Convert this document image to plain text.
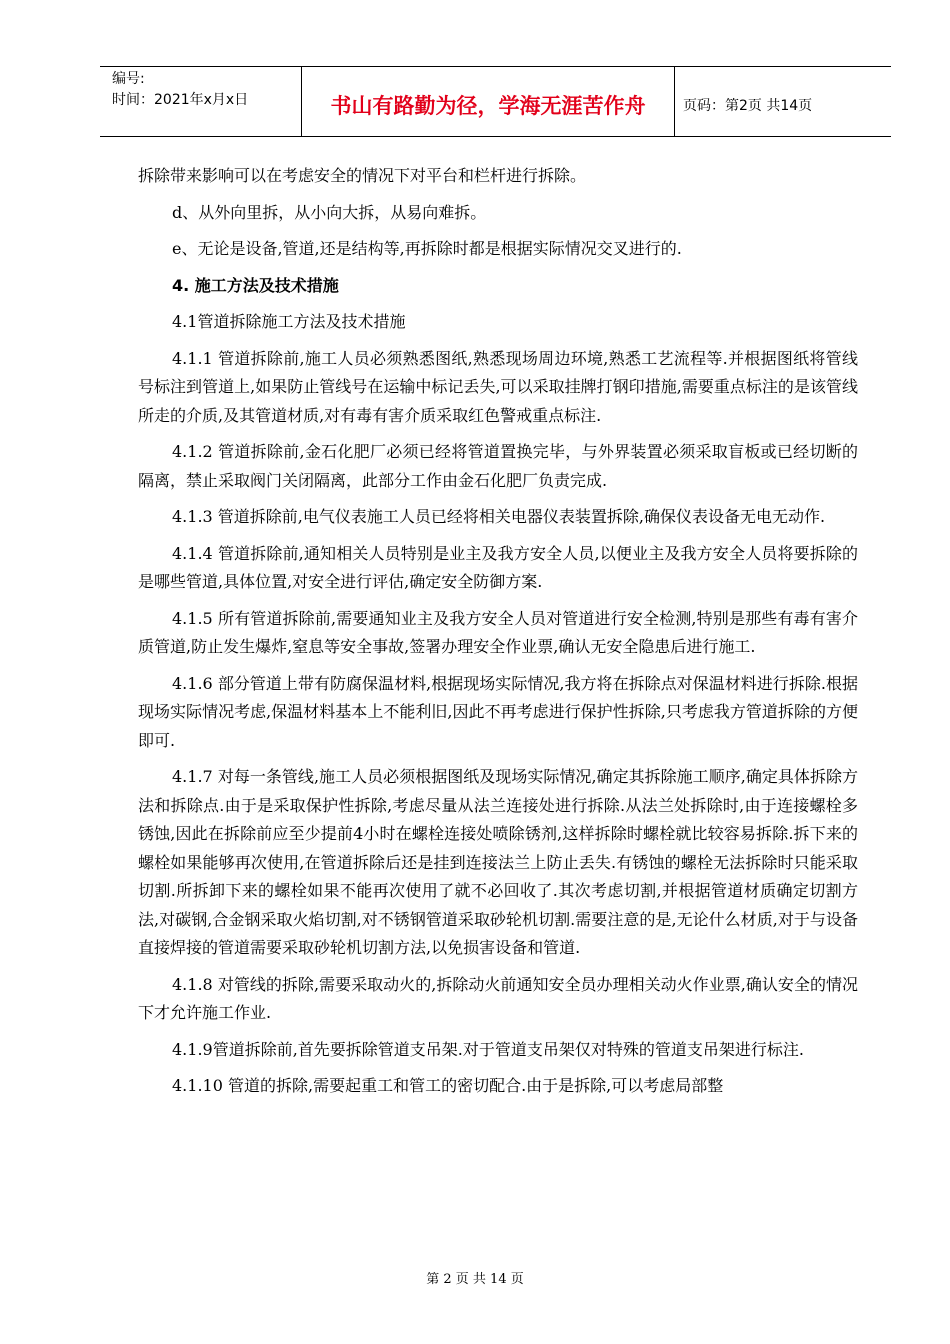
编号:
时间：2021年x月x日	书山有路勤为径，学海无涯苦作舟	页码：第2页 共14页

拆除带来影响可以在考虑安全的情况下对平台和栏杆进行拆除。

d、从外向里拆，从小向大拆，从易向难拆。

e、无论是设备,管道,还是结构等,再拆除时都是根据实际情况交叉进行的.

4. 施工方法及技术措施

4.1管道拆除施工方法及技术措施

4.1.1 管道拆除前,施工人员必须熟悉图纸,熟悉现场周边环境,熟悉工艺流程等.并根据图纸将管线号标注到管道上,如果防止管线号在运输中标记丢失,可以采取挂牌打钢印措施,需要重点标注的是该管线所走的介质,及其管道材质,对有毒有害介质采取红色警戒重点标注.

4.1.2 管道拆除前,金石化肥厂必须已经将管道置换完毕，与外界装置必须采取盲板或已经切断的隔离，禁止采取阀门关闭隔离，此部分工作由金石化肥厂负责完成.

4.1.3 管道拆除前,电气仪表施工人员已经将相关电器仪表装置拆除,确保仪表设备无电无动作.

4.1.4 管道拆除前,通知相关人员特别是业主及我方安全人员,以便业主及我方安全人员将要拆除的是哪些管道,具体位置,对安全进行评估,确定安全防御方案.

4.1.5 所有管道拆除前,需要通知业主及我方安全人员对管道进行安全检测,特别是那些有毒有害介质管道,防止发生爆炸,窒息等安全事故,签署办理安全作业票,确认无安全隐患后进行施工.

4.1.6 部分管道上带有防腐保温材料,根据现场实际情况,我方将在拆除点对保温材料进行拆除.根据现场实际情况考虑,保温材料基本上不能利旧,因此不再考虑进行保护性拆除,只考虑我方管道拆除的方便即可.

4.1.7 对每一条管线,施工人员必须根据图纸及现场实际情况,确定其拆除施工顺序,确定具体拆除方法和拆除点.由于是采取保护性拆除,考虑尽量从法兰连接处进行拆除.从法兰处拆除时,由于连接螺栓多锈蚀,因此在拆除前应至少提前4小时在螺栓连接处喷除锈剂,这样拆除时螺栓就比较容易拆除.拆下来的螺栓如果能够再次使用,在管道拆除后还是挂到连接法兰上防止丢失.有锈蚀的螺栓无法拆除时只能采取切割.所拆卸下来的螺栓如果不能再次使用了就不必回收了.其次考虑切割,并根据管道材质确定切割方法,对碳钢,合金钢采取火焰切割,对不锈钢管道采取砂轮机切割.需要注意的是,无论什么材质,对于与设备直接焊接的管道需要采取砂轮机切割方法,以免损害设备和管道.

4.1.8 对管线的拆除,需要采取动火的,拆除动火前通知安全员办理相关动火作业票,确认安全的情况下才允许施工作业.

4.1.9管道拆除前,首先要拆除管道支吊架.对于管道支吊架仅对特殊的管道支吊架进行标注.

4.1.10 管道的拆除,需要起重工和管工的密切配合.由于是拆除,可以考虑局部整

第 2 页 共 14 页
